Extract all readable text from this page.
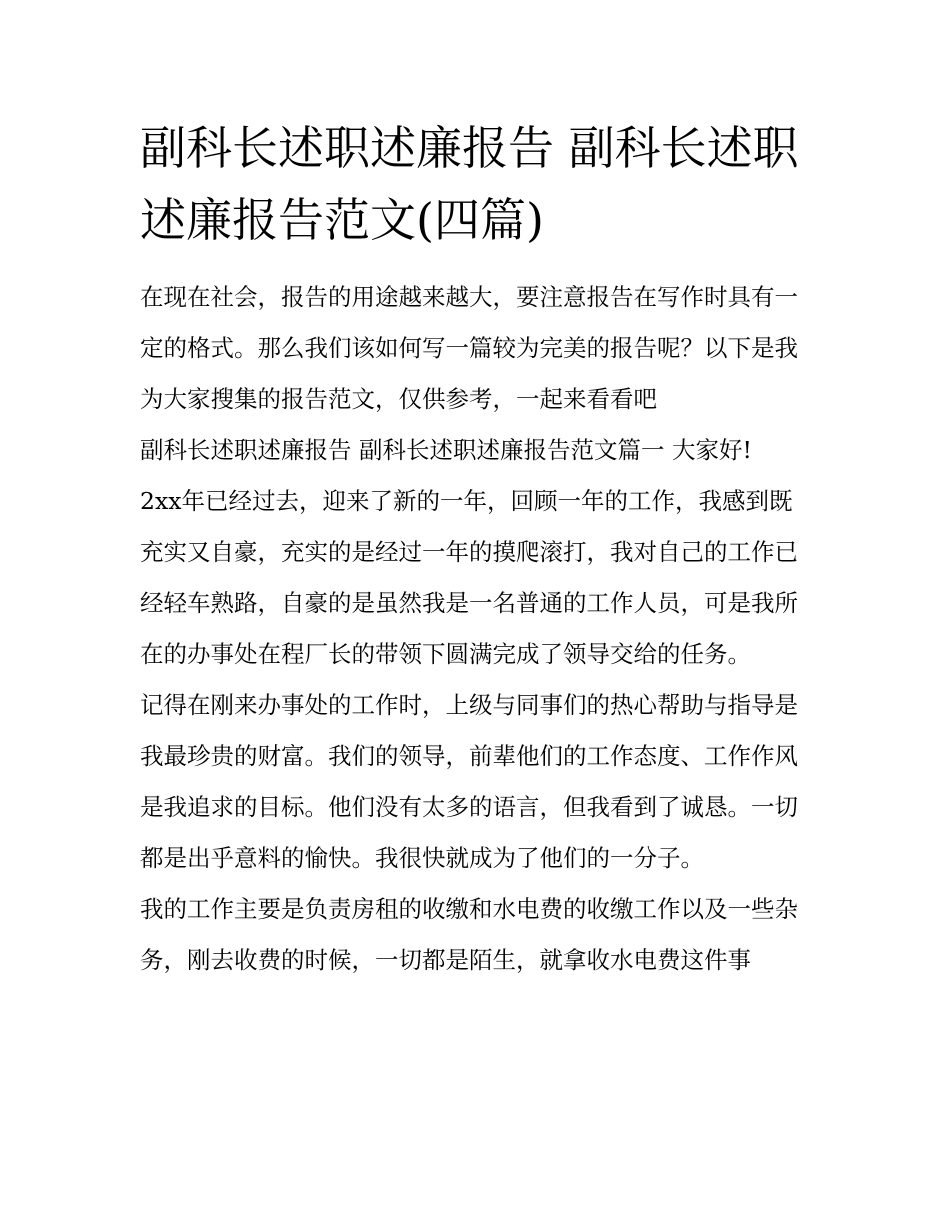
副科长述职述廉报告 副科长述职述廉报告范文(四篇)

在现在社会，报告的用途越来越大，要注意报告在写作时具有一定的格式。那么我们该如何写一篇较为完美的报告呢？以下是我为大家搜集的报告范文，仅供参考，一起来看看吧

副科长述职述廉报告 副科长述职述廉报告范文篇一 大家好!

2xx年已经过去，迎来了新的一年，回顾一年的工作，我感到既充实又自豪，充实的是经过一年的摸爬滚打，我对自己的工作已经轻车熟路，自豪的是虽然我是一名普通的工作人员，可是我所在的办事处在程厂长的带领下圆满完成了领导交给的任务。

记得在刚来办事处的工作时，上级与同事们的热心帮助与指导是我最珍贵的财富。我们的领导，前辈他们的工作态度、工作作风是我追求的目标。他们没有太多的语言，但我看到了诚恳。一切都是出乎意料的愉快。我很快就成为了他们的一分子。

我的工作主要是负责房租的收缴和水电费的收缴工作以及一些杂务，刚去收费的时候，一切都是陌生，就拿收水电费这件事
